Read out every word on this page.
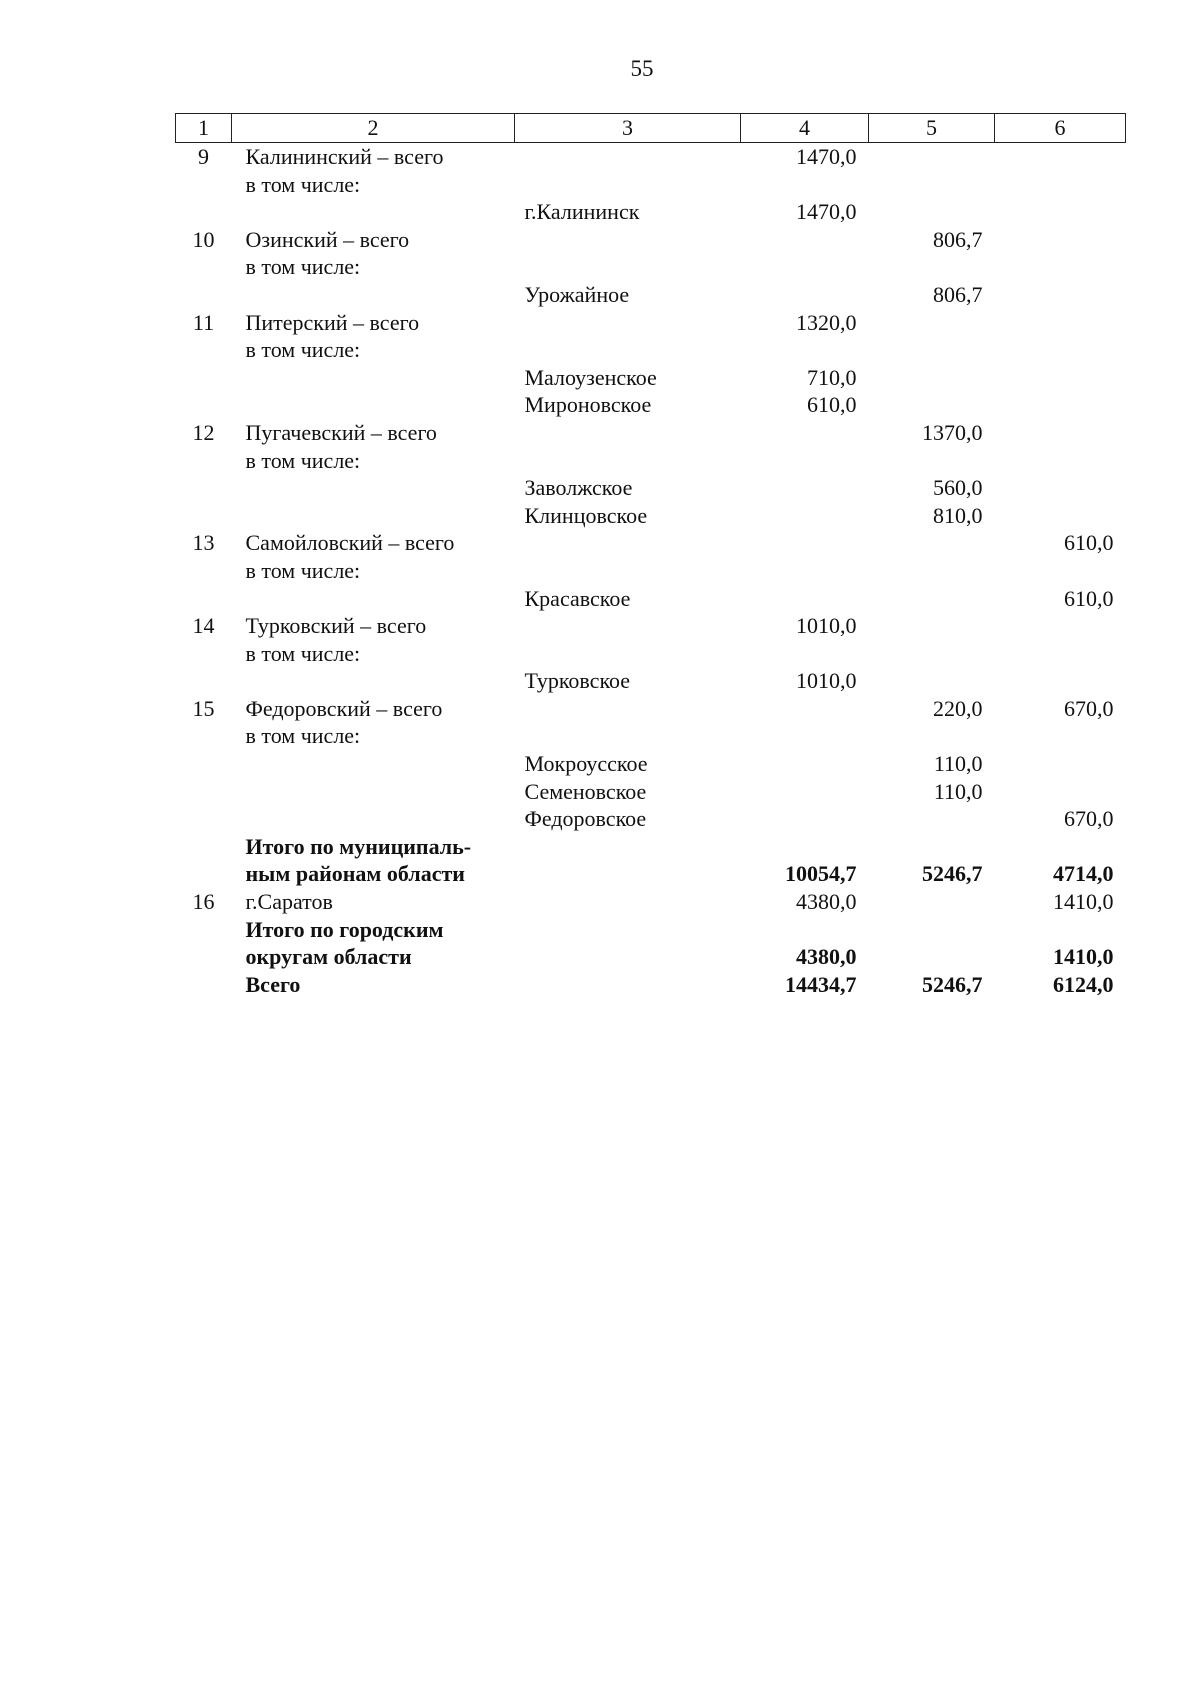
55
1	2	3	4	5	6
9	Калининский – всего		1470,0		
	в том числе:				
		г.Калининск	1470,0		
10	Озинский – всего			806,7	
	в том числе:				
		Урожайное		806,7	
11	Питерский – всего		1320,0		
	в том числе:				
		Малоузенское	710,0		
		Мироновское	610,0		
12	Пугачевский – всего			1370,0	
	в том числе:				
		Заволжское		560,0	
		Клинцовское		810,0	
13	Самойловский – всего				610,0
	в том числе:				
		Красавское			610,0
14	Турковский – всего		1010,0		
	в том числе:				
		Турковское	1010,0		
15	Федоровский – всего			220,0	670,0
	в том числе:				
		Мокроусское		110,0	
		Семеновское		110,0	
		Федоровское			670,0
	Итого по муниципаль-				
	ным районам области		10054,7	5246,7	4714,0
16	г.Саратов		4380,0		1410,0
	Итого по городским				
	округам области		4380,0		1410,0
	Всего		14434,7	5246,7	6124,0
